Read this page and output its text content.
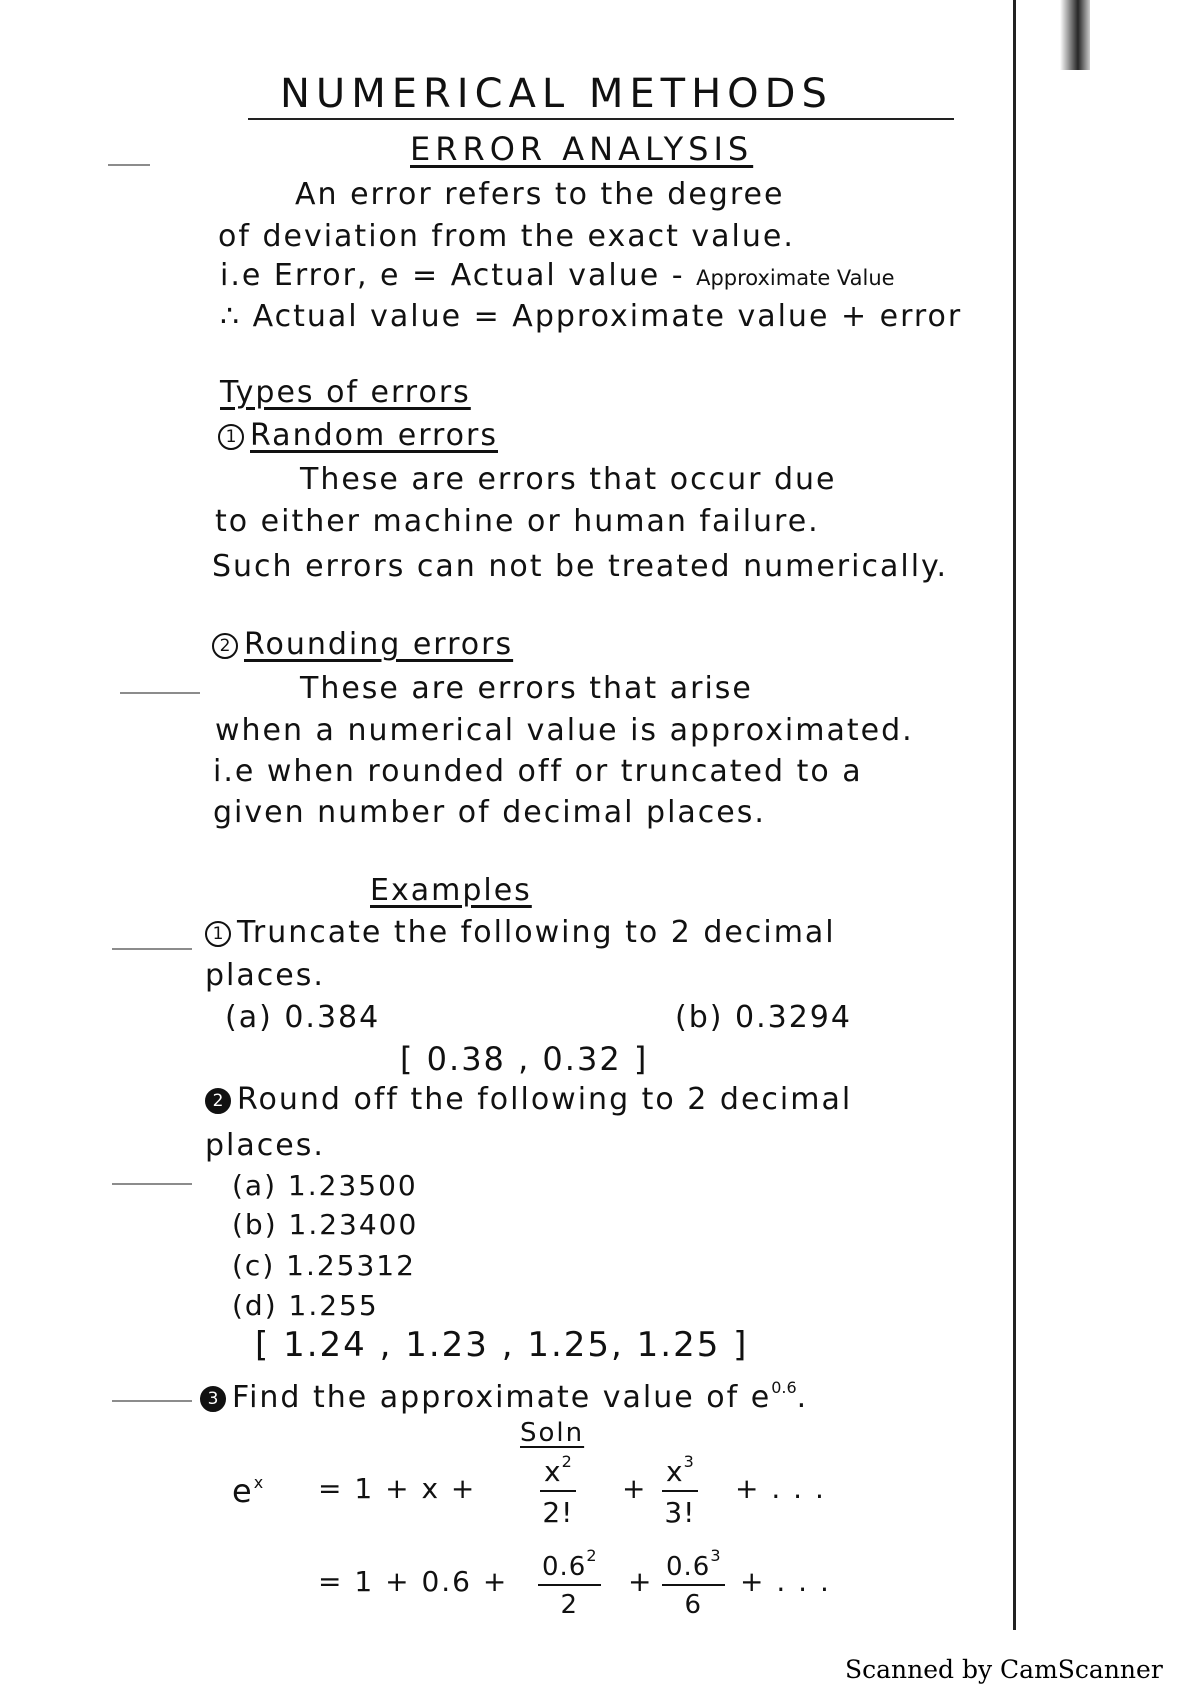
NUMERICAL METHODS
ERROR ANALYSIS
An error refers to the degree
of deviation from the exact value.
i.e Error, e = Actual value - Approximate Value
∴ Actual value = Approximate value + error
Types of errors
1 Random errors
These are errors that occur due
to either machine or human failure.
Such errors can not be treated numerically.
2 Rounding errors
These are errors that arise
when a numerical value is approximated.
i.e when rounded off or truncated to a
given number of decimal places.
Examples
1 Truncate the following to 2 decimal
places.
(a) 0.384	(b) 0.3294
[ 0.38 , 0.32 ]
2 Round off the following to 2 decimal
places.
(a) 1.23500
(b) 1.23400
(c) 1.25312
(d) 1.255
[ 1.24 , 1.23 , 1.25, 1.25 ]
3 Find the approximate value of $e^{0.6}$.
Soln
$e^x = 1 + x + \frac{x^2}{2!} + \frac{x^3}{3!}$ + . . .
= $1 + 0.6 + \frac{0.6^2}{2} + \frac{0.6^3}{6}$ + . . .
Scanned by CamScanner
